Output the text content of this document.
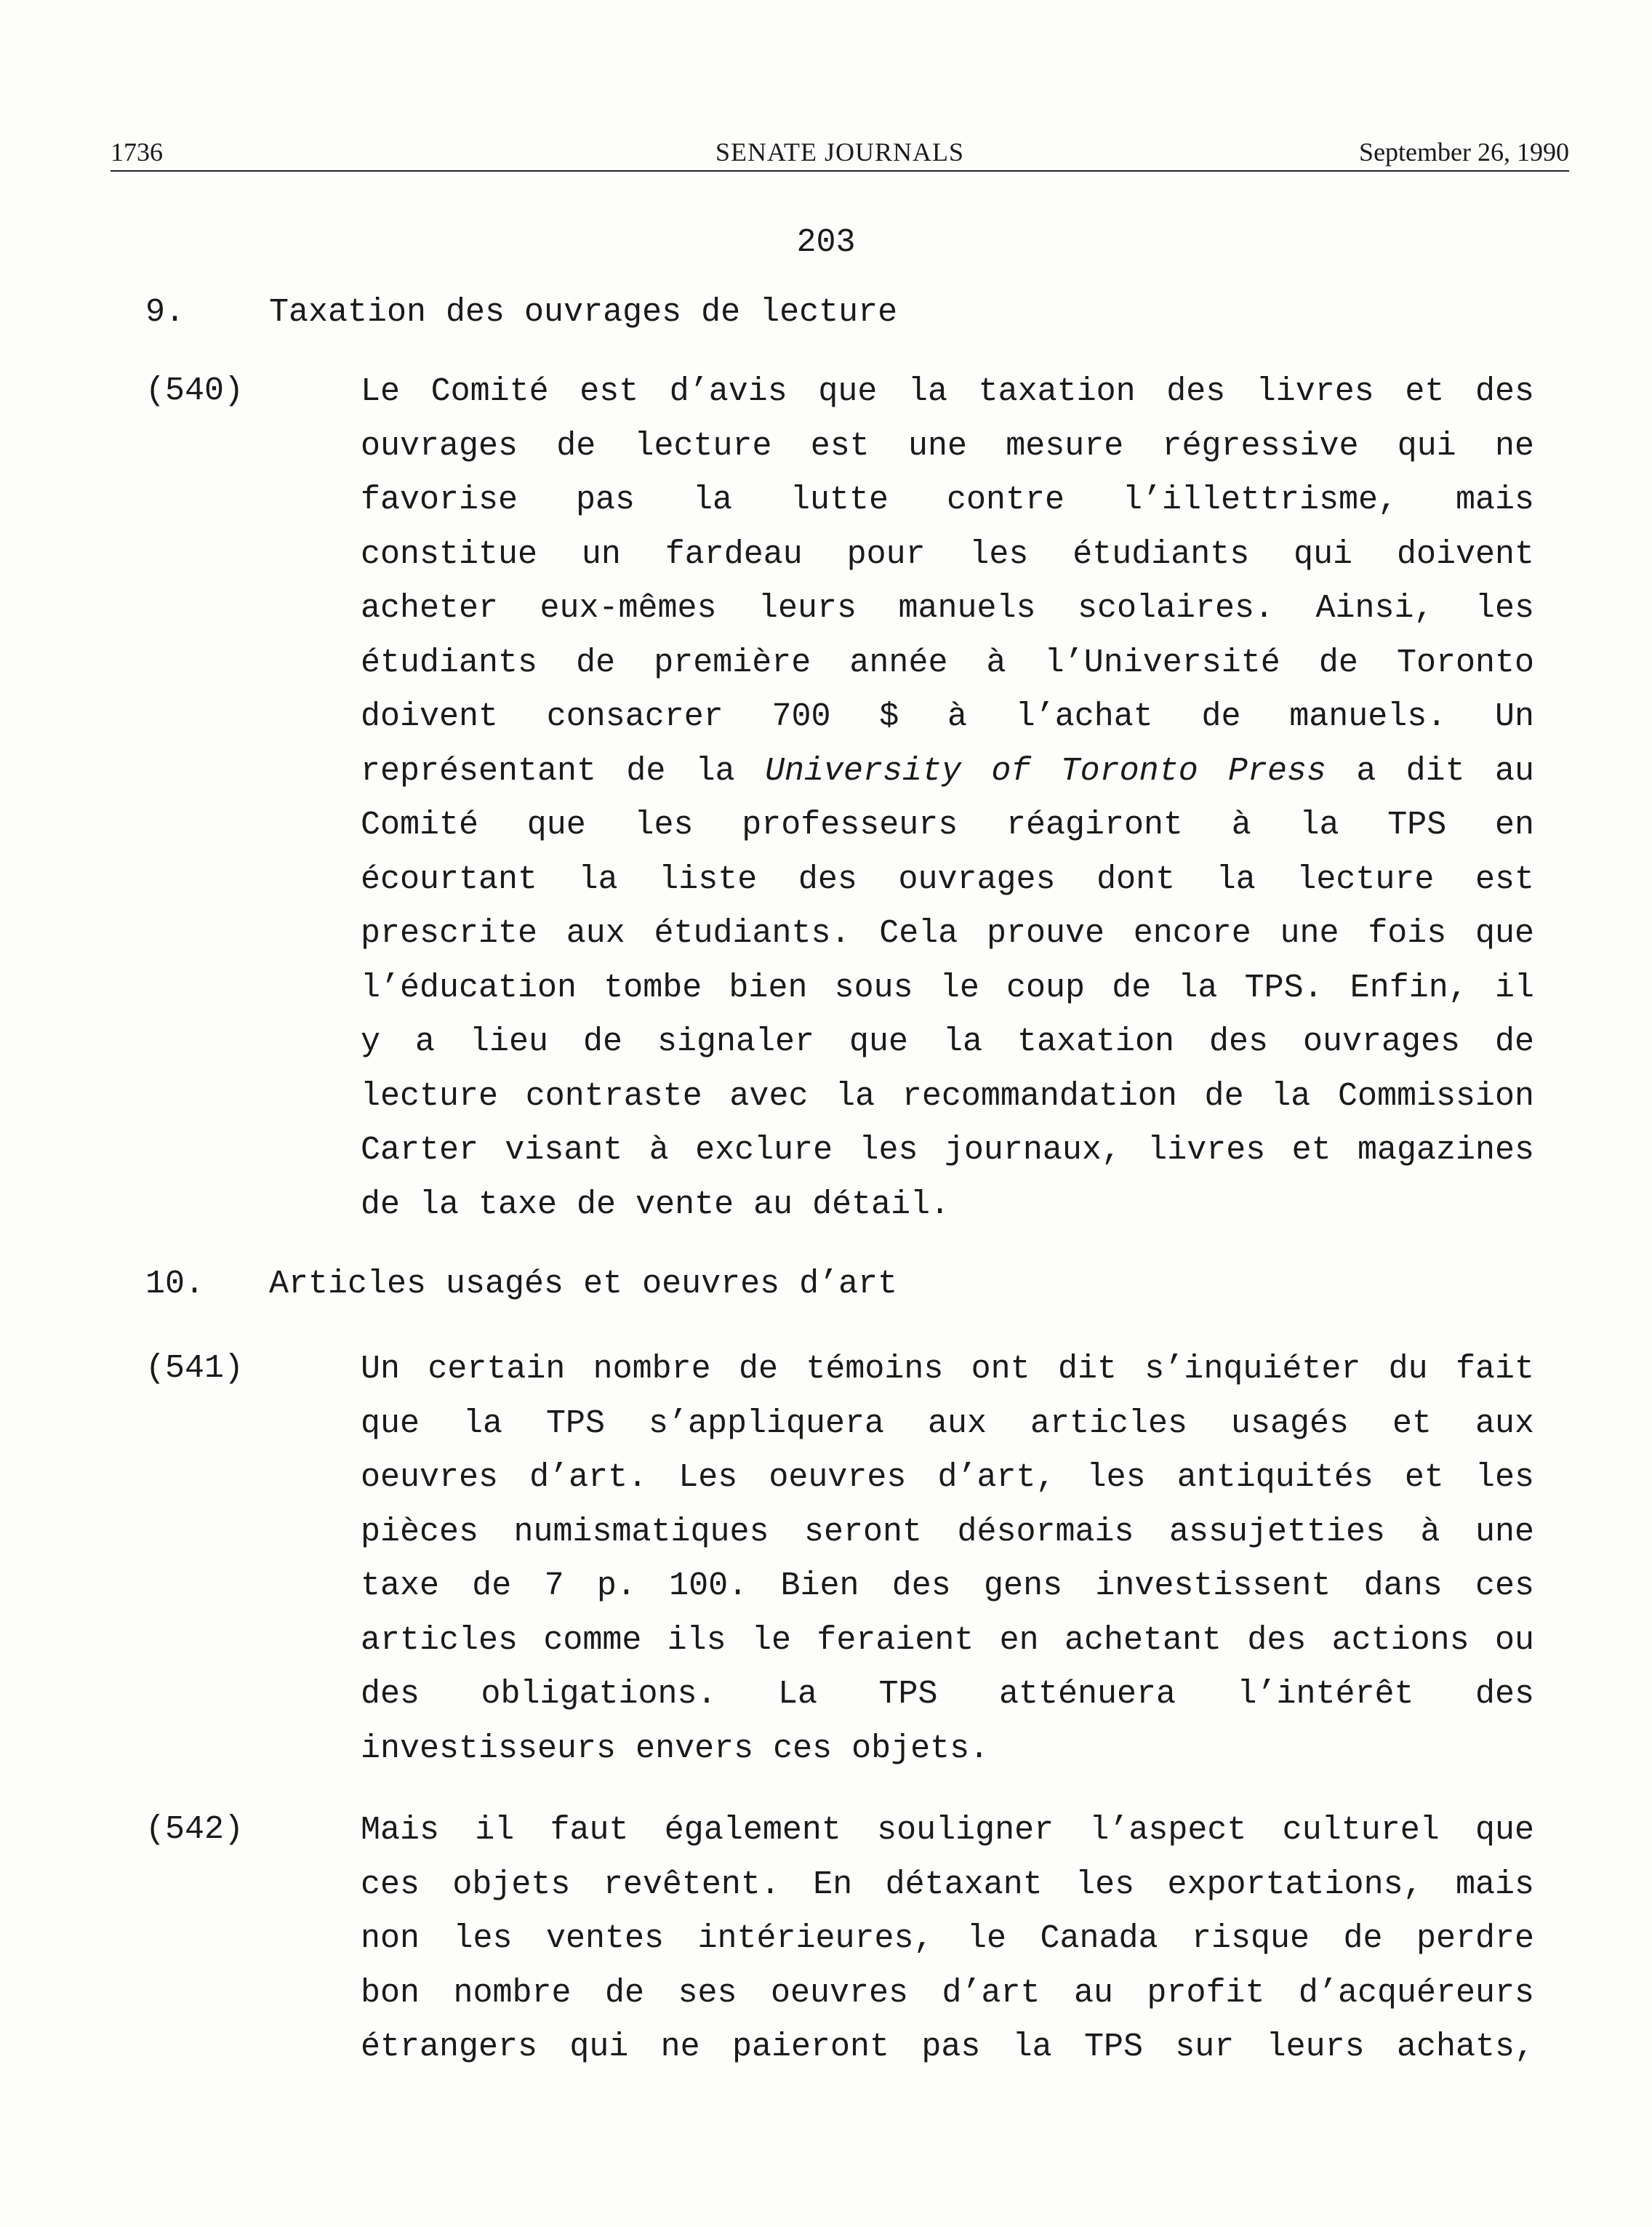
1736	SENATE JOURNALS	September 26, 1990
203
9.	Taxation des ouvrages de lecture
(540)	Le Comité est d’avis que la taxation des livres et des
ouvrages de lecture est une mesure régressive qui ne
favorise pas la lutte contre l’illettrisme, mais
constitue un fardeau pour les étudiants qui doivent
acheter eux-mêmes leurs manuels scolaires. Ainsi, les
étudiants de première année à l’Université de Toronto
doivent consacrer 700 $ à l’achat de manuels. Un
représentant de la University of Toronto Press a dit au
Comité que les professeurs réagiront à la TPS en
écourtant la liste des ouvrages dont la lecture est
prescrite aux étudiants. Cela prouve encore une fois que
l’éducation tombe bien sous le coup de la TPS. Enfin, il
y a lieu de signaler que la taxation des ouvrages de
lecture contraste avec la recommandation de la Commission
Carter visant à exclure les journaux, livres et magazines
de la taxe de vente au détail.
10. Articles usagés et oeuvres d’art
(541)	Un certain nombre de témoins ont dit s’inquiéter du fait
que la TPS s’appliquera aux articles usagés et aux
oeuvres d’art. Les oeuvres d’art, les antiquités et les
pièces numismatiques seront désormais assujetties à une
taxe de 7 p. 100. Bien des gens investissent dans ces
articles comme ils le feraient en achetant des actions ou
des obligations. La TPS atténuera l’intérêt des
investisseurs envers ces objets.
(542)	Mais il faut également souligner l’aspect culturel que
ces objets revêtent. En détaxant les exportations, mais
non les ventes intérieures, le Canada risque de perdre
bon nombre de ses oeuvres d’art au profit d’acquéreurs
étrangers qui ne paieront pas la TPS sur leurs achats,
